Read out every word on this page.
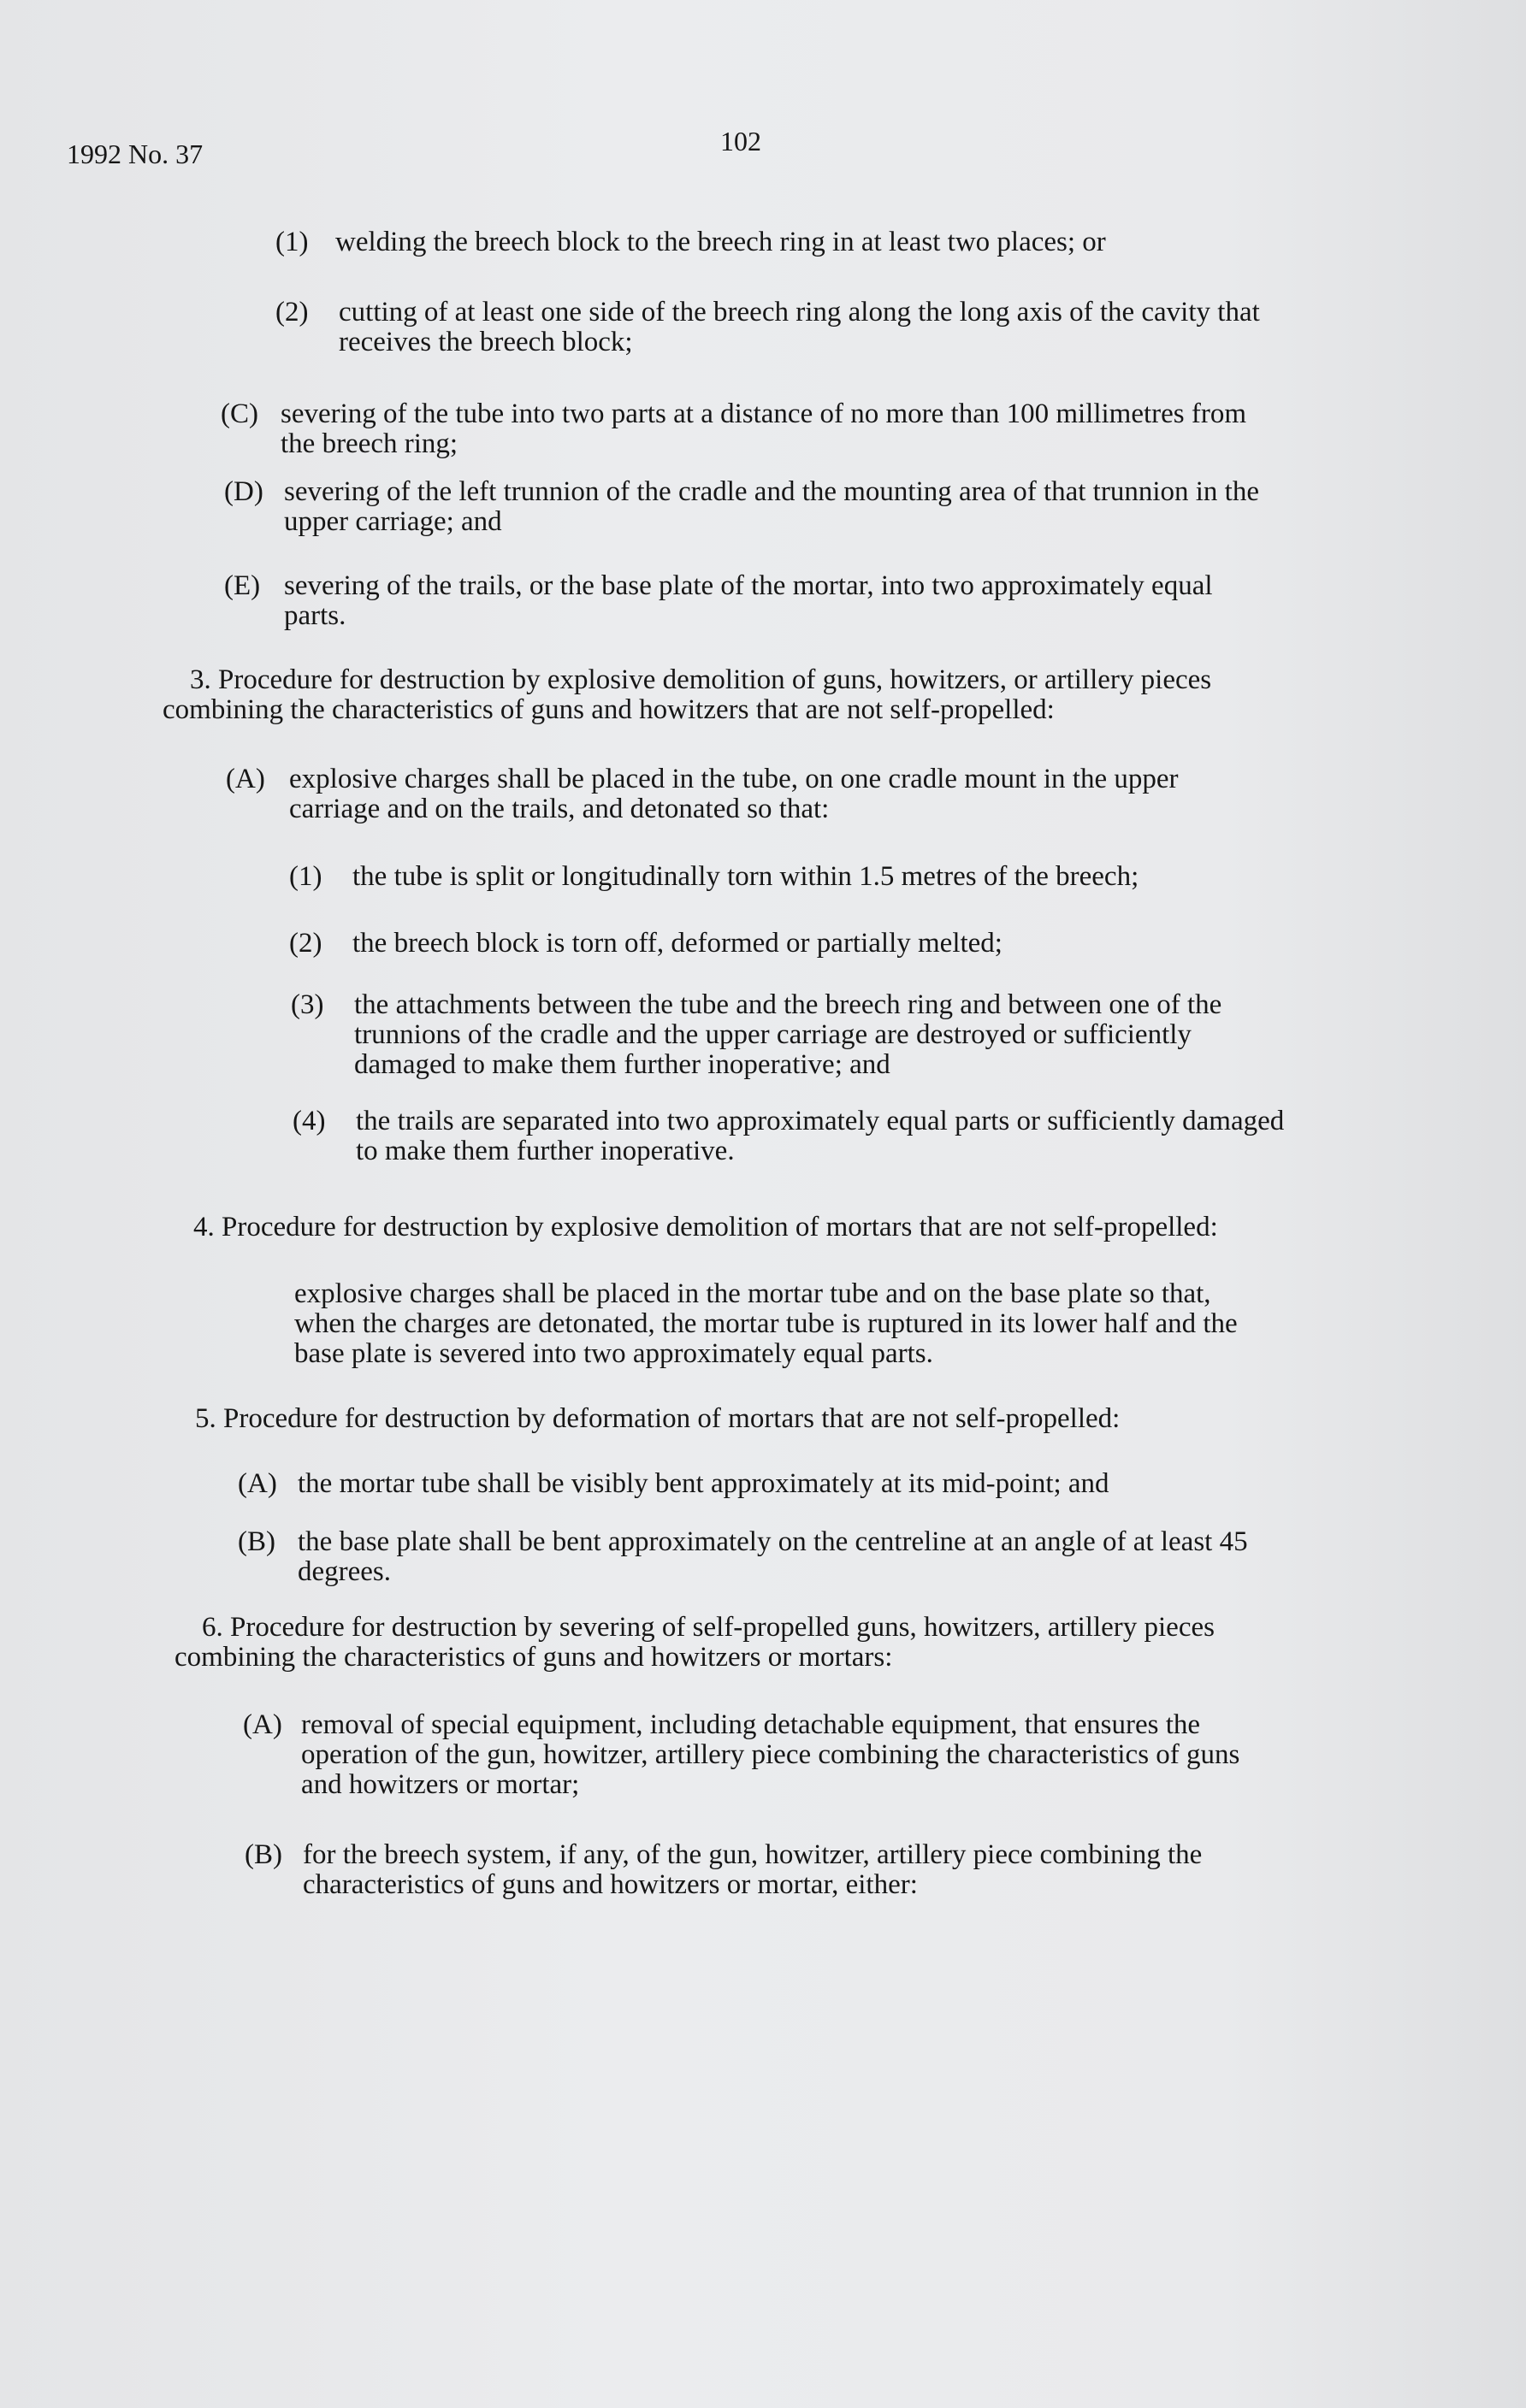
1992 No. 37	102
(1) welding the breech block to the breech ring in at least two places; or
(2) cutting of at least one side of the breech ring along the long axis of the cavity that
receives the breech block;
(C) severing of the tube into two parts at a distance of no more than 100 millimetres from
the breech ring;
(D) severing of the left trunnion of the cradle and the mounting area of that trunnion in the
upper carriage; and
(E) severing of the trails, or the base plate of the mortar, into two approximately equal
parts.
3. Procedure for destruction by explosive demolition of guns, howitzers, or artillery pieces
combining the characteristics of guns and howitzers that are not self-propelled:
(A) explosive charges shall be placed in the tube, on one cradle mount in the upper
carriage and on the trails, and detonated so that:
(1) the tube is split or longitudinally torn within 1.5 metres of the breech;
(2) the breech block is torn off, deformed or partially melted;
(3) the attachments between the tube and the breech ring and between one of the
trunnions of the cradle and the upper carriage are destroyed or sufficiently
damaged to make them further inoperative; and
(4) the trails are separated into two approximately equal parts or sufficiently damaged
to make them further inoperative.
4. Procedure for destruction by explosive demolition of mortars that are not self-propelled:
explosive charges shall be placed in the mortar tube and on the base plate so that,
when the charges are detonated, the mortar tube is ruptured in its lower half and the
base plate is severed into two approximately equal parts.
5. Procedure for destruction by deformation of mortars that are not self-propelled:
(A) the mortar tube shall be visibly bent approximately at its mid-point; and
(B) the base plate shall be bent approximately on the centreline at an angle of at least 45
degrees.
6. Procedure for destruction by severing of self-propelled guns, howitzers, artillery pieces
combining the characteristics of guns and howitzers or mortars:
(A) removal of special equipment, including detachable equipment, that ensures the
operation of the gun, howitzer, artillery piece combining the characteristics of guns
and howitzers or mortar;
(B) for the breech system, if any, of the gun, howitzer, artillery piece combining the
characteristics of guns and howitzers or mortar, either:
